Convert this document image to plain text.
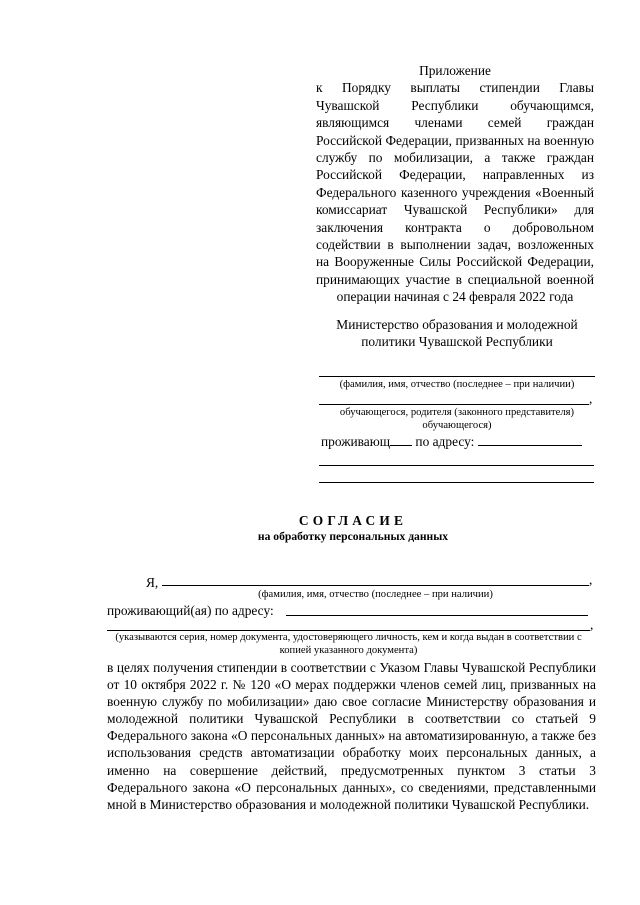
Приложение

к Порядку выплаты стипендии Главы Чувашской Республики обучающимся, являющимся членами семей граждан Российской Федерации, призванных на военную службу по мобилизации, а также граждан Российской Федерации, направленных из Федерального казенного учреждения «Военный комиссариат Чувашской Республики» для заключения контракта о добровольном содействии в выполнении задач, возложенных на Вооруженные Силы Российской Федерации, принимающих участие в специальной военной операции начиная с 24 февраля 2022 года

Министерство образования и молодежной политики Чувашской Республики
(фамилия, имя, отчество (последнее – при наличии)
,
обучающегося, родителя (законного представителя) обучающегося)
проживающ по адресу:
СОГЛАСИЕ
на обработку персональных данных
Я,	,
(фамилия, имя, отчество (последнее – при наличии)
проживающий(ая) по адресу:
,
(указываются серия, номер документа, удостоверяющего личность, кем и когда выдан в соответствии с копией указанного документа)

в целях получения стипендии в соответствии с Указом Главы Чувашской Республики от 10 октября 2022 г. № 120 «О мерах поддержки членов семей лиц, призванных на военную службу по мобилизации» даю свое согласие Министерству образования и молодежной политики Чувашской Республики в соответствии со статьей 9 Федерального закона «О персональных данных» на автоматизированную, а также без использования средств автоматизации обработку моих персональных данных, а именно на совершение действий, предусмотренных пунктом 3 статьи 3 Федерального закона «О персональных данных», со сведениями, представленными мной в Министерство образования и молодежной политики Чувашской Республики.
